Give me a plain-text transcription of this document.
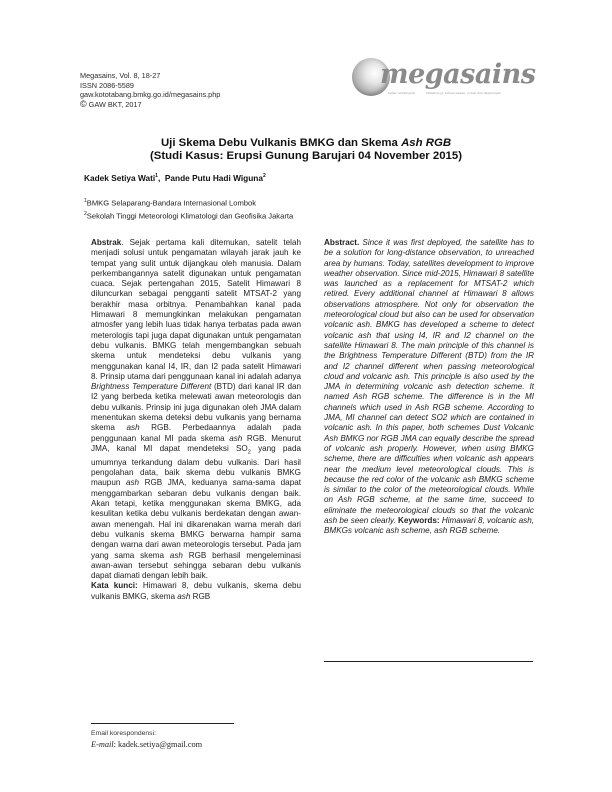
Megasains, Vol. 8, 18-27
ISSN 2086-5589
gaw.kototabang.bmkg.go.id/megasains.php
© GAW BKT, 2017
megasains
kabar ensiklopedi	klimatologi, kebencanaan, polusi dan lingkungan
Uji Skema Debu Vulkanis BMKG dan Skema Ash RGB
(Studi Kasus: Erupsi Gunung Barujari 04 November 2015)
Kadek Setiya Wati$^1$,  Pande Putu Hadi Wiguna$^2$
$^1$BMKG Selaparang-Bandara Internasional Lombok
$^2$Sekolah Tinggi Meteorologi Klimatologi dan Geofisika Jakarta
Abstrak. Sejak pertama kali ditemukan, satelit telah menjadi solusi untuk pengamatan wilayah jarak jauh ke tempat yang sulit untuk dijangkau oleh manusia. Dalam perkembangannya satelit digunakan untuk pengamatan cuaca. Sejak pertengahan 2015, Satelit Himawari 8 diluncurkan sebagai pengganti satelit MTSAT-2 yang berakhir masa orbitnya. Penambahkan kanal pada Himawari 8 memungkinkan melakukan pengamatan atmosfer yang lebih luas tidak hanya terbatas pada awan meterologis tapi juga dapat digunakan untuk pengamatan debu vulkanis. BMKG telah mengembangkan sebuah skema untuk mendeteksi debu vulkanis yang menggunakan kanal I4, IR, dan I2 pada satelit Himawari 8. Prinsip utama dari penggunaan kanal ini adalah adanya Brightness Temperature Different (BTD) dari kanal IR dan I2 yang berbeda ketika melewati awan meteorologis dan debu vulkanis. Prinsip ini juga digunakan oleh JMA dalam menentukan skema deteksi debu vulkanis yang bernama skema ash RGB. Perbedaannya adalah pada penggunaan kanal MI pada skema ash RGB. Menurut JMA, kanal MI dapat mendeteksi $SO_2$ yang pada umumnya terkandung dalam debu vulkanis. Dari hasil pengolahan data, baik skema debu vulkanis BMKG maupun ash RGB JMA, keduanya sama-sama dapat menggambarkan sebaran debu vulkanis dengan baik. Akan tetapi, ketika menggunakan skema BMKG, ada kesulitan ketika debu vulkanis berdekatan dengan awan-awan menengah. Hal ini dikarenakan warna merah dari debu vulkanis skema BMKG berwarna hampir sama dengan warna dari awan meteorologis tersebut. Pada jam yang sama skema ash RGB berhasil mengeleminasi awan-awan tersebut sehingga sebaran debu vulkanis dapat diamati dengan lebih baik.
Kata kunci: Himawari 8, debu vulkanis, skema debu vulkanis BMKG, skema ash RGB
Abstract. Since it was first deployed, the satellite has to be a solution for long-distance observation, to unreached area by humans. Today, satellites development to improve weather observation. Since mid-2015, Himawari 8 satellite was launched as a replacement for MTSAT-2 which retired. Every additional channel at Himawari 8 allows observations atmosphere. Not only for observation the meteorological cloud but also can be used for observation volcanic ash. BMKG has developed a scheme to detect volcanic ash that using I4, IR and I2 channel on the satellite Himawari 8. The main principle of this channel is the Brightness Temperature Different (BTD) from the IR and I2 channel different when passing meteorological cloud and volcanic ash. This principle is also used by the JMA in determining volcanic ash detection scheme. It named Ash RGB scheme. The difference is in the MI channels which used in Ash RGB scheme. According to JMA, MI channel can detect SO2 which are contained in volcanic ash. In this paper, both schemes Dust Volcanic Ash BMKG nor RGB JMA can equally describe the spread of volcanic ash properly. However, when using BMKG scheme, there are difficulties when volcanic ash appears near the medium level meteorological clouds. This is because the red color of the volcanic ash BMKG scheme is similar to the color of the meteorological clouds. While on Ash RGB scheme, at the same time, succeed to eliminate the meteorological clouds so that the volcanic ash be seen clearly. Keywords: Himawari 8, volcanic ash, BMKGs volcanic ash scheme, ash RGB scheme.
Email korespondensi:
E-mail: kadek.setiya@gmail.com
